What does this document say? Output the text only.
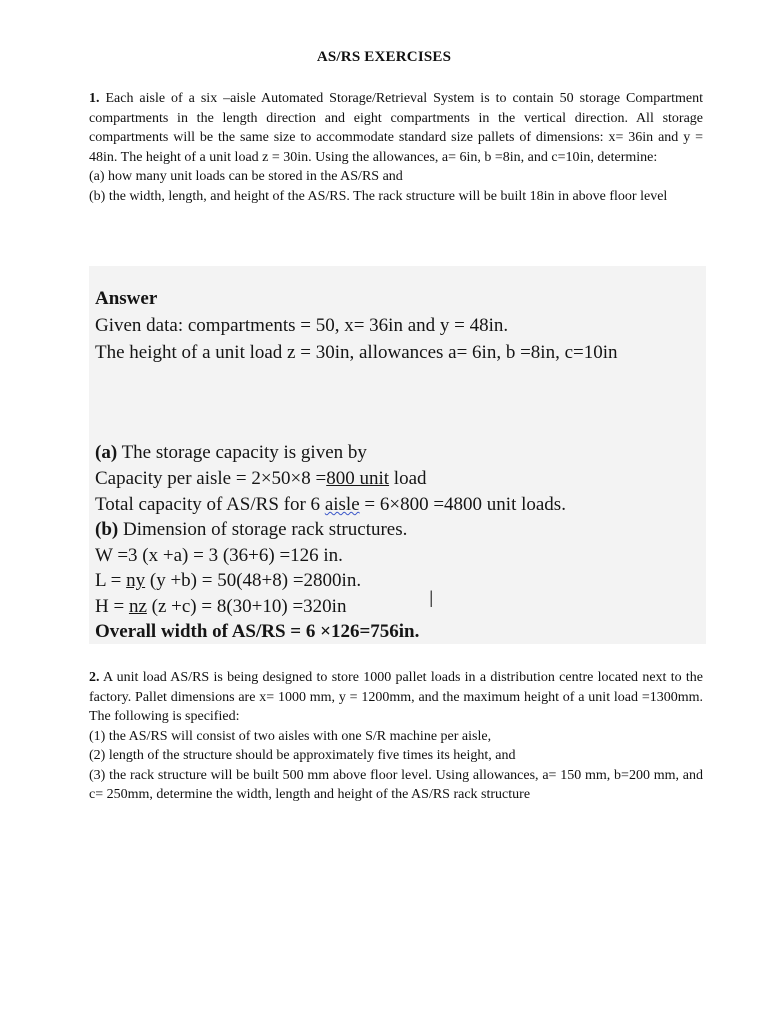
AS/RS EXERCISES

1. Each aisle of a six –aisle Automated Storage/Retrieval System is to contain 50 storage Compartment compartments in the length direction and eight compartments in the vertical direction. All storage compartments will be the same size to accommodate standard size pallets of dimensions: x= 36in and y = 48in. The height of a unit load z = 30in. Using the allowances, a= 6in, b =8in, and c=10in, determine:

(a) how many unit loads can be stored in the AS/RS and

(b) the width, length, and height of the AS/RS. The rack structure will be built 18in in above floor level

Answer
Given data: compartments = 50, x= 36in and y = 48in.
The height of a unit load z = 30in, allowances a= 6in, b =8in, c=10in
(a) The storage capacity is given by
Capacity per aisle = 2×50×8 =800 unit load
Total capacity of AS/RS for 6 aisle = 6×800 =4800 unit loads.
(b) Dimension of storage rack structures.
W =3 (x +a) = 3 (36+6) =126 in.
L = ny (y +b) = 50(48+8) =2800in.
H = nz (z +c) = 8(30+10) =320in
Overall width of AS/RS = 6 ×126=756in.
I

2. A unit load AS/RS is being designed to store 1000 pallet loads in a distribution centre located next to the factory. Pallet dimensions are x= 1000 mm, y = 1200mm, and the maximum height of a unit load =1300mm. The following is specified:

(1) the AS/RS will consist of two aisles with one S/R machine per aisle,

(2) length of the structure should be approximately five times its height, and

(3) the rack structure will be built 500 mm above floor level. Using allowances, a= 150 mm, b=200 mm, and c= 250mm, determine the width, length and height of the AS/RS rack structure
